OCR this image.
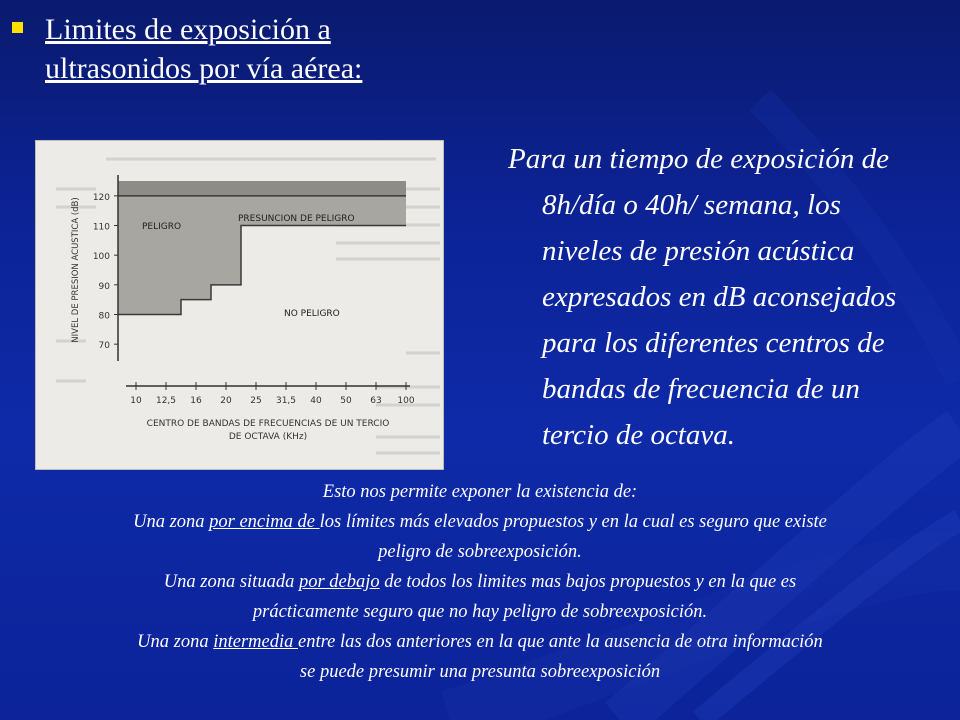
Limites de exposición a ultrasonidos por vía aérea:
120
110
100
90
80
70
NIVEL DE PRESION ACUSTICA (dB)
10 12,5 16 20 25 31,5 40 50 63 100
CENTRO DE BANDAS DE FRECUENCIAS DE UN TERCIO
DE OCTAVA (KHz)
PELIGRO
PRESUNCION DE PELIGRO
NO PELIGRO
Para un tiempo de exposición de
8h/día o 40h/ semana, los
niveles de presión acústica
expresados en dB aconsejados
para los diferentes centros de
bandas de frecuencia de un
tercio de octava.
Esto nos permite exponer la existencia de:
Una zona por encima de los límites más elevados propuestos y en la cual es seguro que existe
peligro de sobreexposición.
Una zona situada por debajo de todos los limites mas bajos propuestos y en la que es
prácticamente seguro que no hay peligro de sobreexposición.
Una zona intermedia entre las dos anteriores en la que ante la ausencia de otra información
se puede presumir una presunta sobreexposición
